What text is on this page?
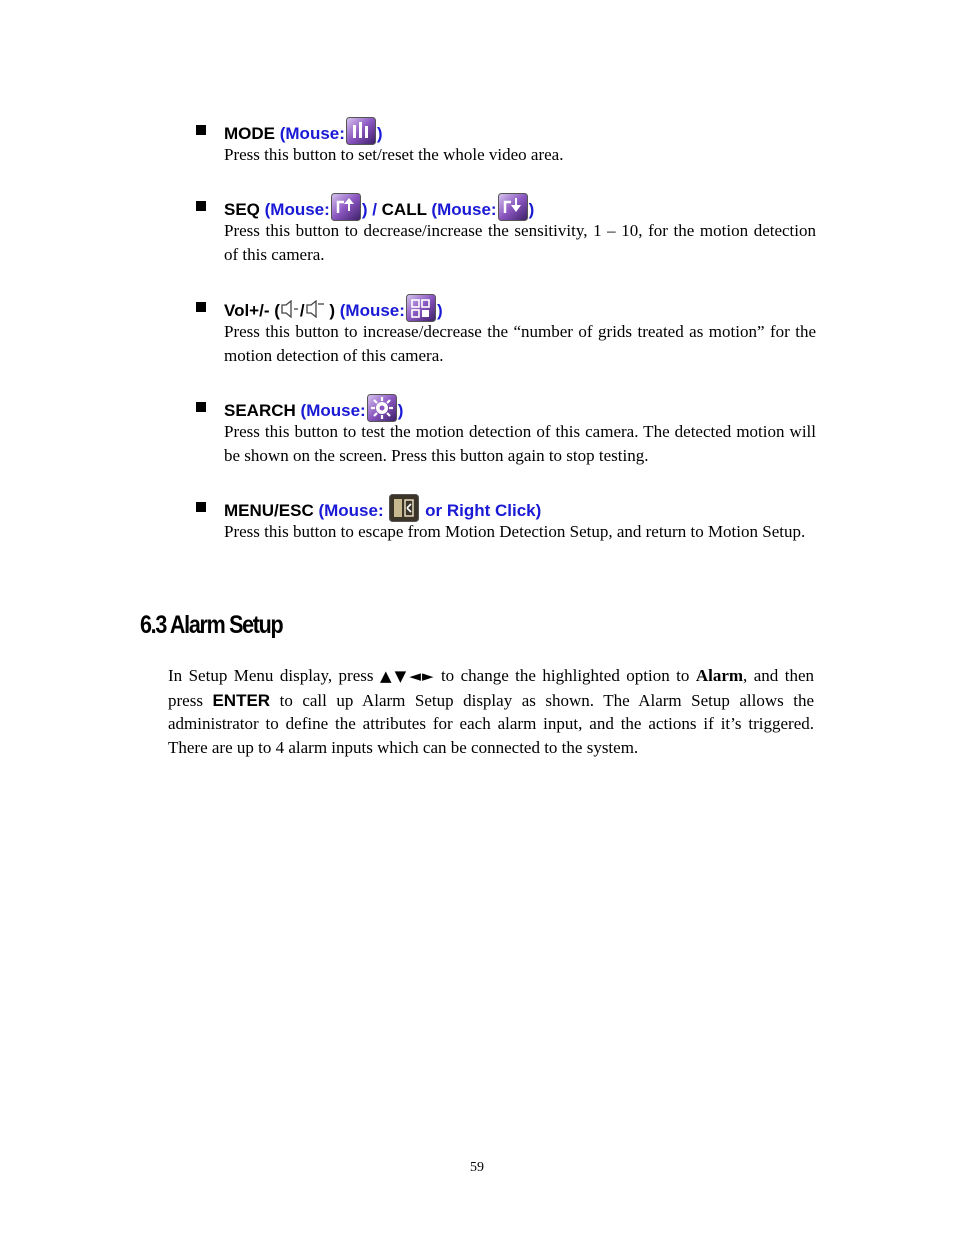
MODE (Mouse: )
Press this button to set/reset the whole video area.
SEQ (Mouse: ) / CALL (Mouse: )
Press this button to decrease/increase the sensitivity, 1 – 10, for the motion detection of this camera.
Vol+/- ( / ) (Mouse: )
Press this button to increase/decrease the “number of grids treated as motion” for the motion detection of this camera.
SEARCH (Mouse: )
Press this button to test the motion detection of this camera. The detected motion will be shown on the screen. Press this button again to stop testing.
MENU/ESC (Mouse: or Right Click)
Press this button to escape from Motion Detection Setup, and return to Motion Setup.
6.3 Alarm Setup
In Setup Menu display, press ▲▼◄► to change the highlighted option to Alarm, and then press ENTER to call up Alarm Setup display as shown. The Alarm Setup allows the administrator to define the attributes for each alarm input, and the actions if it’s triggered. There are up to 4 alarm inputs which can be connected to the system.
59
